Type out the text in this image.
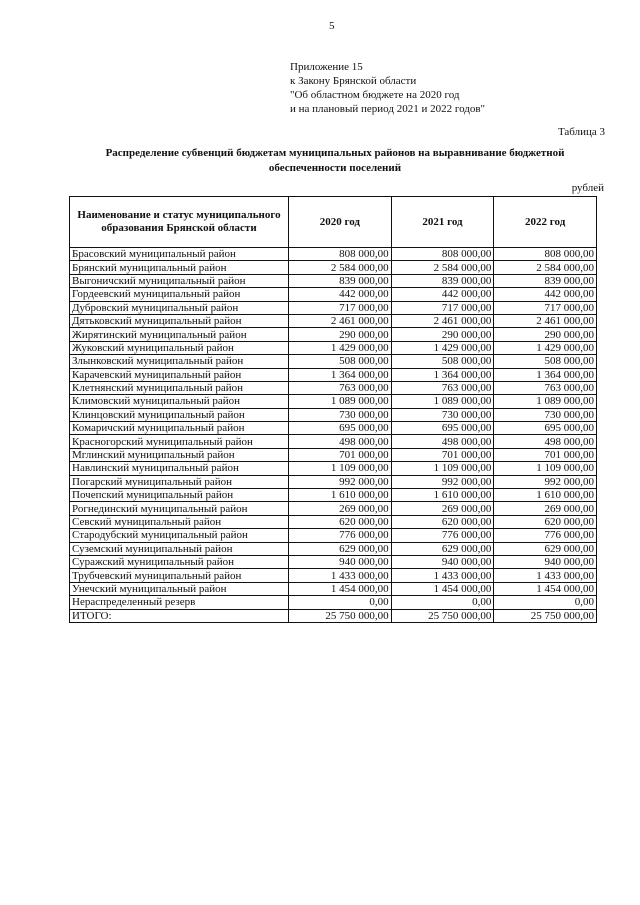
5
Приложение 15
к Закону Брянской области
"Об областном бюджете на 2020 год
и на плановый период 2021 и 2022 годов"
Таблица 3
Распределение субвенций бюджетам муниципальных районов на выравнивание бюджетной обеспеченности поселений
рублей
Наименование и статус муниципального образования Брянской области	2020 год	2021 год	2022 год
Брасовский муниципальный район	808 000,00	808 000,00	808 000,00
Брянский муниципальный район	2 584 000,00	2 584 000,00	2 584 000,00
Выгоничский муниципальный район	839 000,00	839 000,00	839 000,00
Гордеевский муниципальный район	442 000,00	442 000,00	442 000,00
Дубровский муниципальный район	717 000,00	717 000,00	717 000,00
Дятьковский муниципальный район	2 461 000,00	2 461 000,00	2 461 000,00
Жирятинский муниципальный район	290 000,00	290 000,00	290 000,00
Жуковский муниципальный район	1 429 000,00	1 429 000,00	1 429 000,00
Злынковский муниципальный район	508 000,00	508 000,00	508 000,00
Карачевский муниципальный район	1 364 000,00	1 364 000,00	1 364 000,00
Клетнянский муниципальный район	763 000,00	763 000,00	763 000,00
Климовский муниципальный район	1 089 000,00	1 089 000,00	1 089 000,00
Клинцовский муниципальный район	730 000,00	730 000,00	730 000,00
Комаричский муниципальный район	695 000,00	695 000,00	695 000,00
Красногорский муниципальный район	498 000,00	498 000,00	498 000,00
Мглинский муниципальный район	701 000,00	701 000,00	701 000,00
Навлинский муниципальный район	1 109 000,00	1 109 000,00	1 109 000,00
Погарский муниципальный район	992 000,00	992 000,00	992 000,00
Почепский муниципальный район	1 610 000,00	1 610 000,00	1 610 000,00
Рогнединский муниципальный район	269 000,00	269 000,00	269 000,00
Севский муниципальный район	620 000,00	620 000,00	620 000,00
Стародубский муниципальный район	776 000,00	776 000,00	776 000,00
Суземский муниципальный район	629 000,00	629 000,00	629 000,00
Суражский муниципальный район	940 000,00	940 000,00	940 000,00
Трубчевский муниципальный район	1 433 000,00	1 433 000,00	1 433 000,00
Унечский муниципальный район	1 454 000,00	1 454 000,00	1 454 000,00
Нераспределенный резерв	0,00	0,00	0,00
ИТОГО:	25 750 000,00	25 750 000,00	25 750 000,00
